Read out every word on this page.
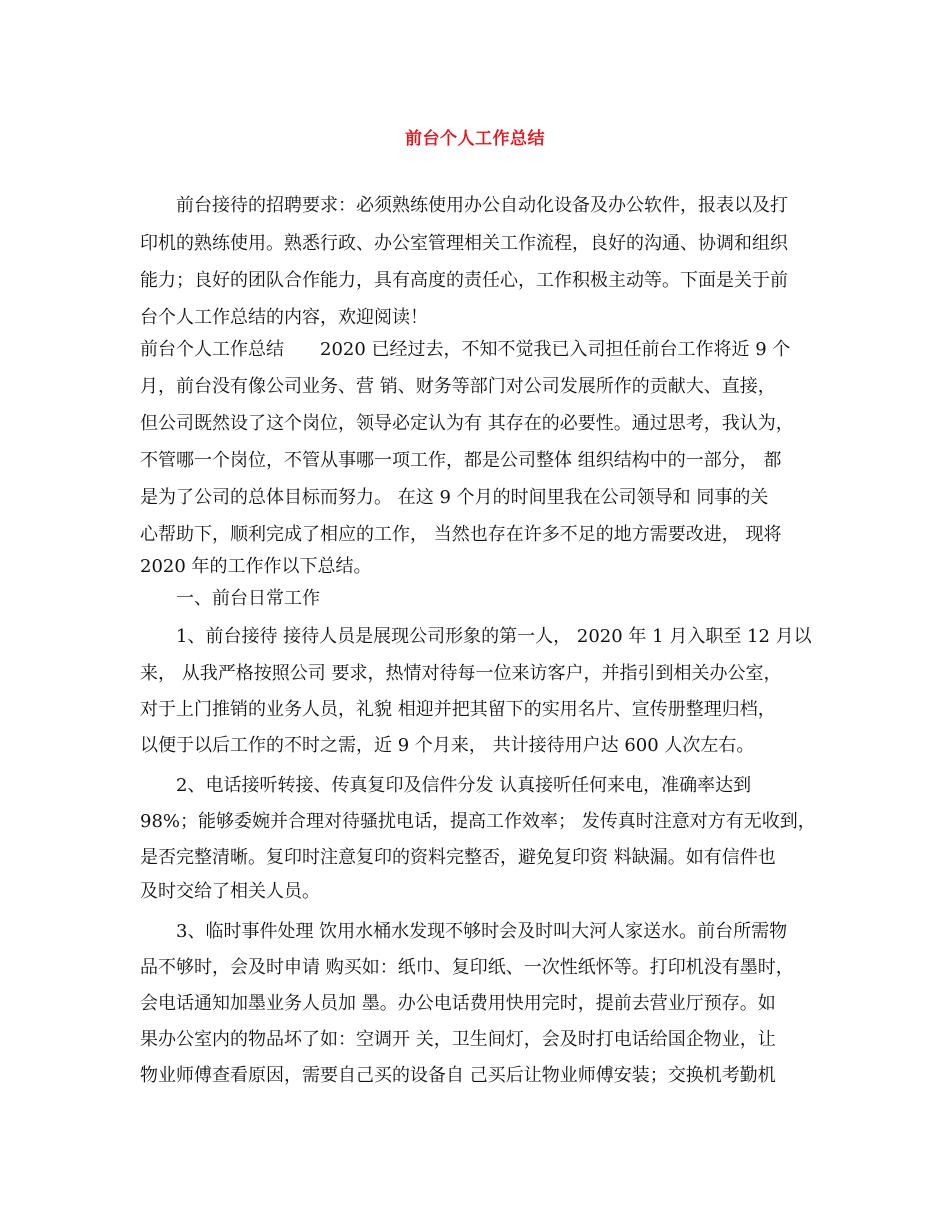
前台个人工作总结
前台接待的招聘要求：必须熟练使用办公自动化设备及办公软件，报表以及打
印机的熟练使用。熟悉行政、办公室管理相关工作流程，良好的沟通、协调和组织
能力；良好的团队合作能力，具有高度的责任心，工作积极主动等。下面是关于前
台个人工作总结的内容，欢迎阅读！
前台个人工作总结　　2020 已经过去，不知不觉我已入司担任前台工作将近 9 个
月，前台没有像公司业务、营 销、财务等部门对公司发展所作的贡献大、直接，
但公司既然设了这个岗位，领导必定认为有 其存在的必要性。通过思考，我认为，
不管哪一个岗位，不管从事哪一项工作，都是公司整体 组织结构中的一部分， 都
是为了公司的总体目标而努力。 在这 9 个月的时间里我在公司领导和 同事的关
心帮助下，顺利完成了相应的工作， 当然也存在许多不足的地方需要改进， 现将
2020 年的工作作以下总结。
一、前台日常工作
1、前台接待 接待人员是展现公司形象的第一人， 2020 年 1 月入职至 12 月以
来， 从我严格按照公司 要求，热情对待每一位来访客户，并指引到相关办公室，
对于上门推销的业务人员，礼貌 相迎并把其留下的实用名片、宣传册整理归档，
以便于以后工作的不时之需，近 9 个月来， 共计接待用户达 600 人次左右。
2、电话接听转接、传真复印及信件分发 认真接听任何来电，准确率达到
98%；能够委婉并合理对待骚扰电话，提高工作效率； 发传真时注意对方有无收到，
是否完整清晰。复印时注意复印的资料完整否，避免复印资 料缺漏。如有信件也
及时交给了相关人员。
3、临时事件处理 饮用水桶水发现不够时会及时叫大河人家送水。前台所需物
品不够时，会及时申请 购买如：纸巾、复印纸、一次性纸怀等。打印机没有墨时，
会电话通知加墨业务人员加 墨。办公电话费用快用完时，提前去营业厅预存。如
果办公室内的物品坏了如：空调开 关，卫生间灯，会及时打电话给国企物业，让
物业师傅查看原因，需要自己买的设备自 己买后让物业师傅安装；交换机考勤机
